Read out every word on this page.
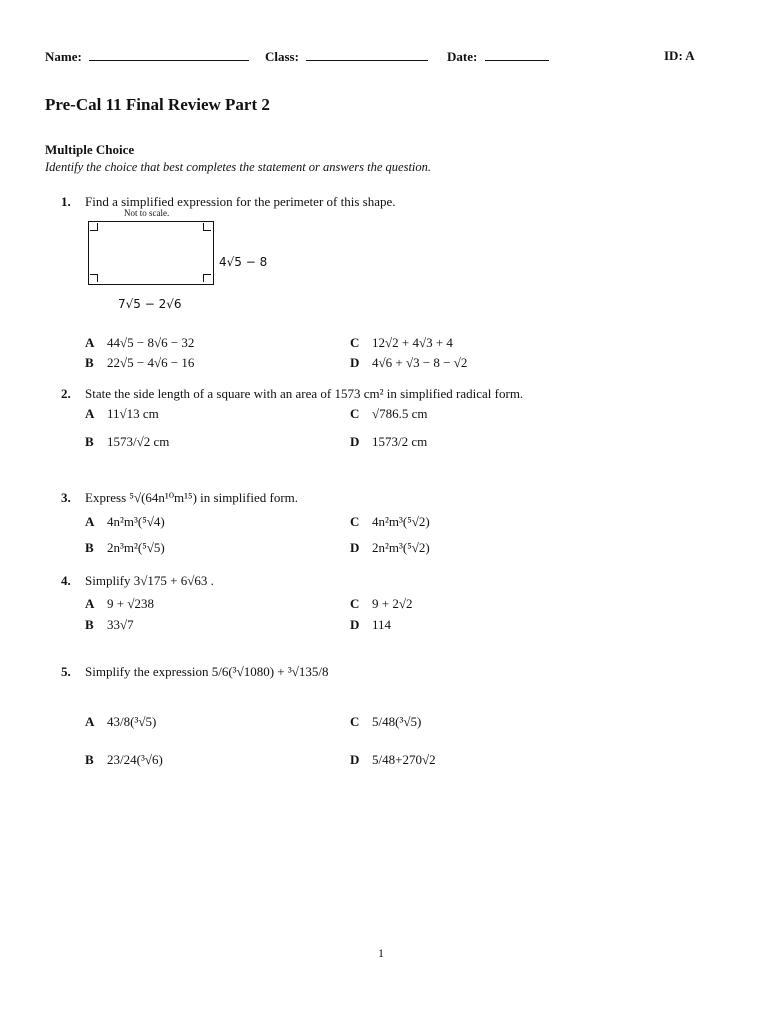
Name:	Class:	Date:	ID: A
Pre-Cal 11 Final Review Part 2
Multiple Choice
Identify the choice that best completes the statement or answers the question.
1. Find a simplified expression for the perimeter of this shape.
Not to scale.
4√5 − 8
7√5 − 2√6
A 44√5 − 8√6 − 32
B 22√5 − 4√6 − 16
C 12√2 + 4√3 + 4
D 4√6 + √3 − 8 − √2
2. State the side length of a square with an area of 1573 cm² in simplified radical form.
A 11√13 cm
B 1573/√2 cm
C √786.5 cm
D 1573/2 cm
3. Express ⁵√(64n¹⁰m¹⁵) in simplified form.
A 4n²m³(⁵√4)
B 2n³m²(⁵√5)
C 4n²m³(⁵√2)
D 2n²m³(⁵√2)
4. Simplify 3√175 + 6√63 .
A 9 + √238
B 33√7
C 9 + 2√2
D 114
5. Simplify the expression 5/6(³√1080) + ³√135/8
A 43/8(³√5)
B 23/24(³√6)
C 5/48(³√5)
D 5/48+270√2
1
